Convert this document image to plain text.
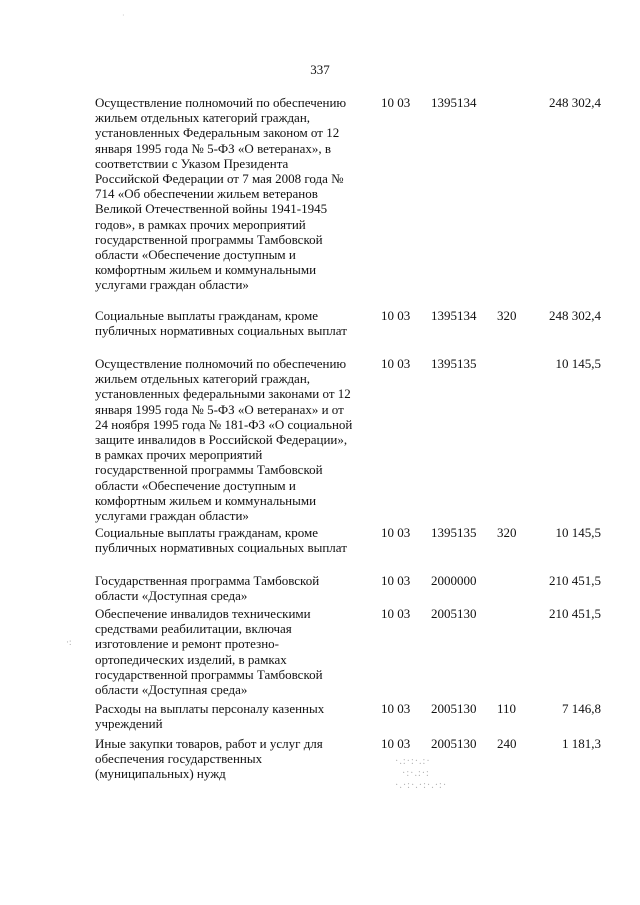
·
337
Осуществление полномочий по обеспечению жильем отдельных категорий граждан, установленных Федеральным законом от 12 января 1995 года № 5-ФЗ «О ветеранах», в соответствии с Указом Президента Российской Федерации от 7 мая 2008 года № 714 «Об обеспечении жильем ветеранов Великой Отечественной войны 1941-1945 годов», в рамках прочих мероприятий государственной программы Тамбовской области «Обеспечение доступным и комфортным жильем и коммунальными услугами граждан области»
10 03 1395134	248 302,4
Социальные выплаты гражданам, кроме публичных нормативных социальных выплат
10 03 1395134 320	248 302,4
Осуществление полномочий по обеспечению жильем отдельных категорий граждан, установленных федеральными законами от 12 января 1995 года № 5-ФЗ «О ветеранах» и от 24 ноября 1995 года № 181-ФЗ «О социальной защите инвалидов в Российской Федерации», в рамках прочих мероприятий государственной программы Тамбовской области «Обеспечение доступным и комфортным жильем и коммунальными услугами граждан области»
10 03 1395135	10 145,5
Социальные выплаты гражданам, кроме публичных нормативных социальных выплат
10 03 1395135 320	10 145,5
Государственная программа Тамбовской области «Доступная среда»
10 03 2000000	210 451,5
Обеспечение инвалидов техническими средствами реабилитации, включая изготовление и ремонт протезно-ортопедических изделий, в рамках государственной программы Тамбовской области «Доступная среда»
10 03 2005130	210 451,5
Расходы на выплаты персоналу казенных учреждений
10 03 2005130 110	7 146,8
Иные закупки товаров, работ и услуг для обеспечения государственных (муниципальных) нужд
10 03 2005130 240	1 181,3
·.:·:·.:·
·:·.:·:
·.·:·.·:·.·:·
·:
